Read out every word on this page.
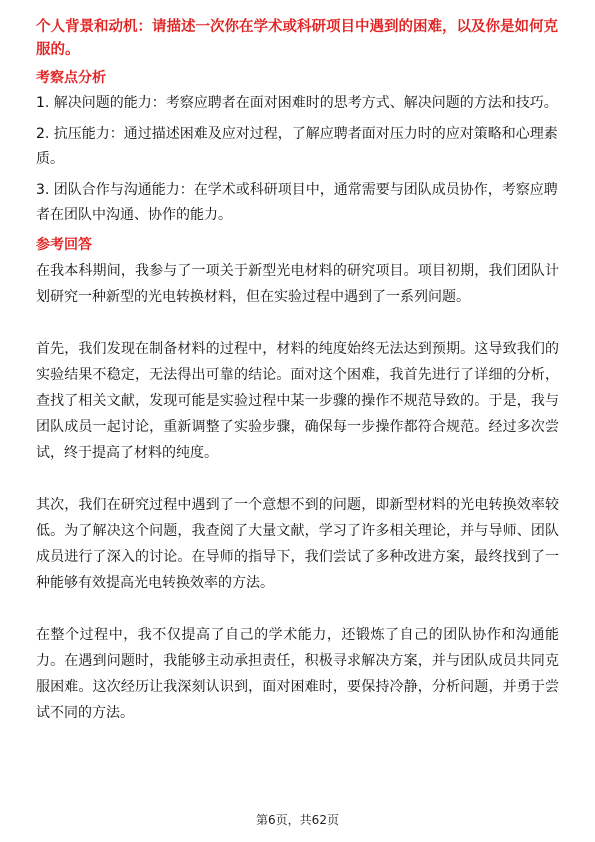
个人背景和动机：请描述一次你在学术或科研项目中遇到的困难，以及你是如何克服的。

考察点分析

1. 解决问题的能力：考察应聘者在面对困难时的思考方式、解决问题的方法和技巧。

2. 抗压能力：通过描述困难及应对过程，了解应聘者面对压力时的应对策略和心理素质。

3. 团队合作与沟通能力：在学术或科研项目中，通常需要与团队成员协作，考察应聘者在团队中沟通、协作的能力。

参考回答

在我本科期间，我参与了一项关于新型光电材料的研究项目。项目初期，我们团队计划研究一种新型的光电转换材料，但在实验过程中遇到了一系列问题。

首先，我们发现在制备材料的过程中，材料的纯度始终无法达到预期。这导致我们的实验结果不稳定，无法得出可靠的结论。面对这个困难，我首先进行了详细的分析，查找了相关文献，发现可能是实验过程中某一步骤的操作不规范导致的。于是，我与团队成员一起讨论，重新调整了实验步骤，确保每一步操作都符合规范。经过多次尝试，终于提高了材料的纯度。

其次，我们在研究过程中遇到了一个意想不到的问题，即新型材料的光电转换效率较低。为了解决这个问题，我查阅了大量文献，学习了许多相关理论，并与导师、团队成员进行了深入的讨论。在导师的指导下，我们尝试了多种改进方案，最终找到了一种能够有效提高光电转换效率的方法。

在整个过程中，我不仅提高了自己的学术能力，还锻炼了自己的团队协作和沟通能力。在遇到问题时，我能够主动承担责任，积极寻求解决方案，并与团队成员共同克服困难。这次经历让我深刻认识到，面对困难时，要保持冷静，分析问题，并勇于尝试不同的方法。

第6页，共62页
